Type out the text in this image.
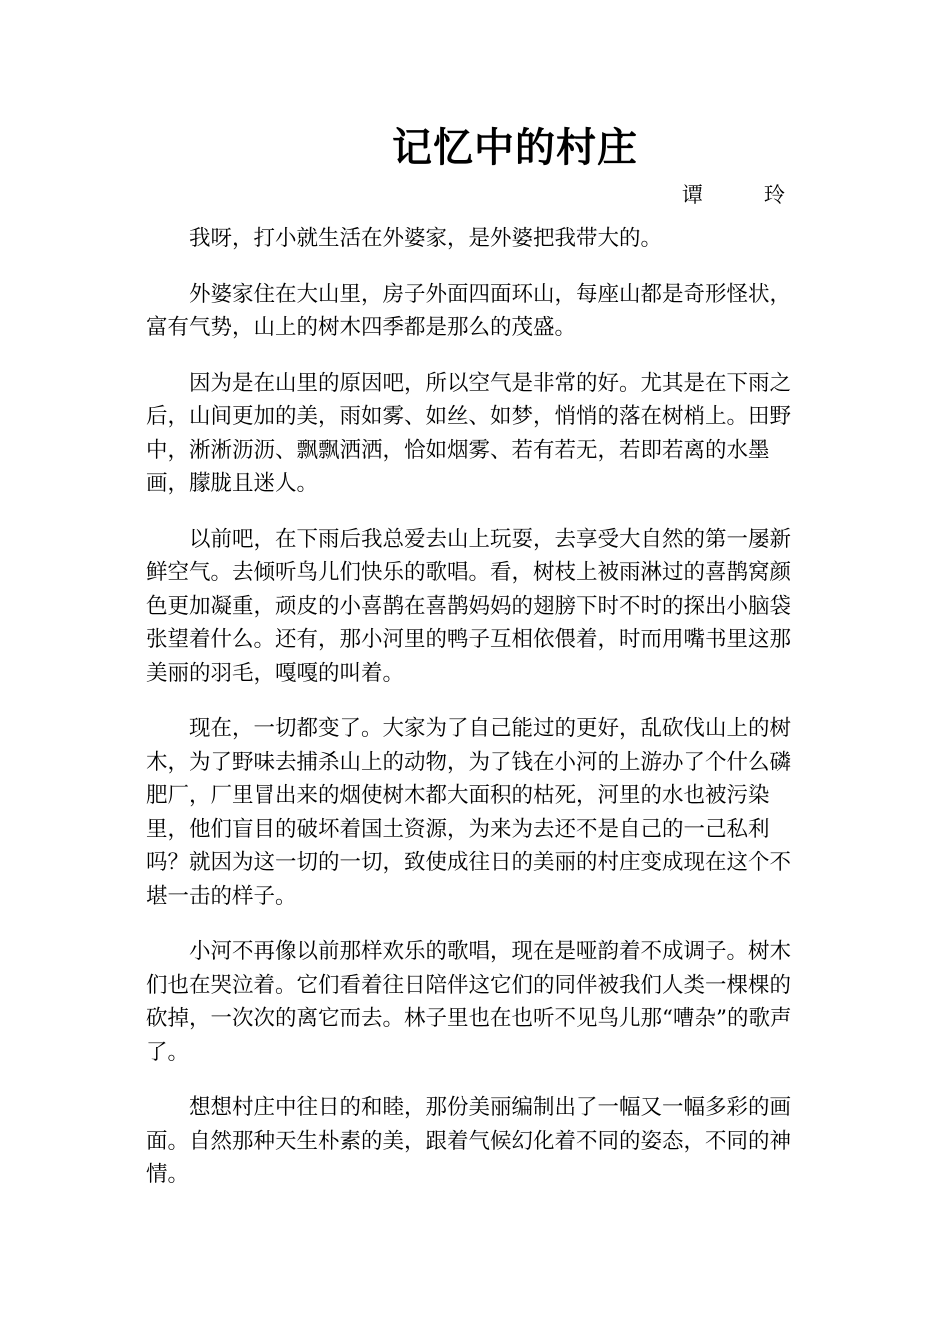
记忆中的村庄
谭　玲

我呀，打小就生活在外婆家，是外婆把我带大的。

外婆家住在大山里，房子外面四面环山，每座山都是奇形怪状，富有气势，山上的树木四季都是那么的茂盛。

因为是在山里的原因吧，所以空气是非常的好。尤其是在下雨之后，山间更加的美，雨如雾、如丝、如梦，悄悄的落在树梢上。田野中，淅淅沥沥、飘飘洒洒，恰如烟雾、若有若无，若即若离的水墨画，朦胧且迷人。

以前吧，在下雨后我总爱去山上玩耍，去享受大自然的第一屡新鲜空气。去倾听鸟儿们快乐的歌唱。看，树枝上被雨淋过的喜鹊窝颜色更加凝重，顽皮的小喜鹊在喜鹊妈妈的翅膀下时不时的探出小脑袋张望着什么。还有，那小河里的鸭子互相依偎着，时而用嘴书里这那美丽的羽毛，嘎嘎的叫着。

现在，一切都变了。大家为了自己能过的更好，乱砍伐山上的树木，为了野味去捕杀山上的动物，为了钱在小河的上游办了个什么磷肥厂，厂里冒出来的烟使树木都大面积的枯死，河里的水也被污染里，他们盲目的破坏着国土资源，为来为去还不是自己的一己私利吗？就因为这一切的一切，致使成往日的美丽的村庄变成现在这个不堪一击的样子。

小河不再像以前那样欢乐的歌唱，现在是哑韵着不成调子。树木们也在哭泣着。它们看着往日陪伴这它们的同伴被我们人类一棵棵的砍掉，一次次的离它而去。林子里也在也听不见鸟儿那“嘈杂”的歌声了。

想想村庄中往日的和睦，那份美丽编制出了一幅又一幅多彩的画面。自然那种天生朴素的美，跟着气候幻化着不同的姿态，不同的神情。
